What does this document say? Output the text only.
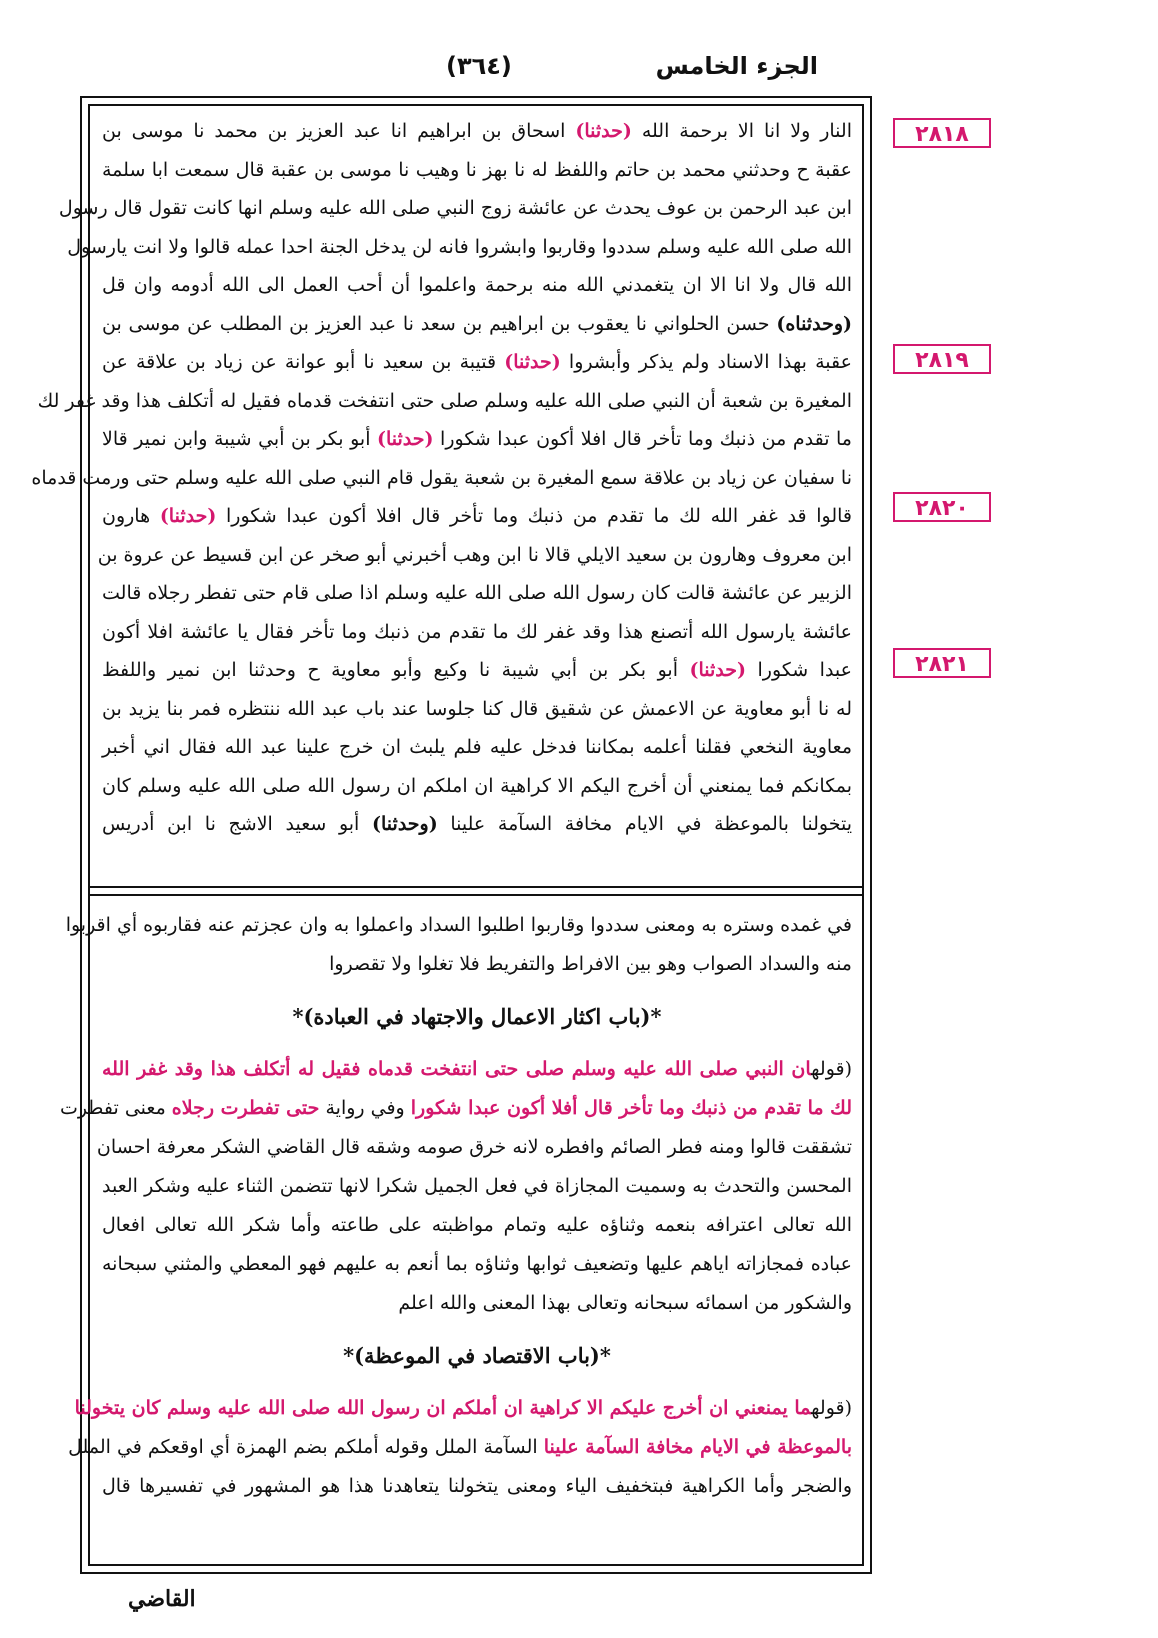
الجزء الخامس
(٣٦٤)
٢٨١٨
٢٨١٩
٢٨٢٠
٢٨٢١
النار ولا انا الا برحمة الله (حدثنا) اسحاق بن ابراهيم انا عبد العزيز بن محمد نا موسى بن
عقبة ح وحدثني محمد بن حاتم واللفظ له نا بهز نا وهيب نا موسى بن عقبة قال سمعت ابا سلمة
ابن عبد الرحمن بن عوف يحدث عن عائشة زوج النبي صلى الله عليه وسلم انها كانت تقول قال رسول
الله صلى الله عليه وسلم سددوا وقاربوا وابشروا فانه لن يدخل الجنة احدا عمله قالوا ولا انت يارسول
الله قال ولا انا الا ان يتغمدني الله منه برحمة واعلموا أن أحب العمل الى الله أدومه وان قل
(وحدثناه) حسن الحلواني نا يعقوب بن ابراهيم بن سعد نا عبد العزيز بن المطلب عن موسى بن
عقبة بهذا الاسناد ولم يذكر وأبشروا (حدثنا) قتيبة بن سعيد نا أبو عوانة عن زياد بن علاقة عن
المغيرة بن شعبة أن النبي صلى الله عليه وسلم صلى حتى انتفخت قدماه فقيل له أتكلف هذا وقد غفر لك
ما تقدم من ذنبك وما تأخر قال افلا أكون عبدا شكورا (حدثنا) أبو بكر بن أبي شيبة وابن نمير قالا
نا سفيان عن زياد بن علاقة سمع المغيرة بن شعبة يقول قام النبي صلى الله عليه وسلم حتى ورمت قدماه
قالوا قد غفر الله لك ما تقدم من ذنبك وما تأخر قال افلا أكون عبدا شكورا (حدثنا) هارون
ابن معروف وهارون بن سعيد الايلي قالا نا ابن وهب أخبرني أبو صخر عن ابن قسيط عن عروة بن
الزبير عن عائشة قالت كان رسول الله صلى الله عليه وسلم اذا صلى قام حتى تفطر رجلاه قالت
عائشة يارسول الله أتصنع هذا وقد غفر لك ما تقدم من ذنبك وما تأخر فقال يا عائشة افلا أكون
عبدا شكورا (حدثنا) أبو بكر بن أبي شيبة نا وكيع وأبو معاوية ح وحدثنا ابن نمير واللفظ
له نا أبو معاوية عن الاعمش عن شقيق قال كنا جلوسا عند باب عبد الله ننتظره فمر بنا يزيد بن
معاوية النخعي فقلنا أعلمه بمكاننا فدخل عليه فلم يلبث ان خرج علينا عبد الله فقال اني أخبر
بمكانكم فما يمنعني أن أخرج اليكم الا كراهية ان املكم ان رسول الله صلى الله عليه وسلم كان
يتخولنا بالموعظة في الايام مخافة السآمة علينا (وحدثنا) أبو سعيد الاشج نا ابن أدريس
في غمده وستره به ومعنى سددوا وقاربوا اطلبوا السداد واعملوا به وان عجزتم عنه فقاربوه أي اقربوا
منه والسداد الصواب وهو بين الافراط والتفريط فلا تغلوا ولا تقصروا
*(باب اكثار الاعمال والاجتهاد في العبادة)*
(قولهان النبي صلى الله عليه وسلم صلى حتى انتفخت قدماه فقيل له أتكلف هذا وقد غفر الله
لك ما تقدم من ذنبك وما تأخر قال أفلا أكون عبدا شكورا وفي رواية حتى تفطرت رجلاه معنى تفطرت
تشققت قالوا ومنه فطر الصائم وافطره لانه خرق صومه وشقه قال القاضي الشكر معرفة احسان
المحسن والتحدث به وسميت المجازاة في فعل الجميل شكرا لانها تتضمن الثناء عليه وشكر العبد
الله تعالى اعترافه بنعمه وثناؤه عليه وتمام مواظبته على طاعته وأما شكر الله تعالى افعال
عباده فمجازاته اياهم عليها وتضعيف ثوابها وثناؤه بما أنعم به عليهم فهو المعطي والمثني سبحانه
والشكور من اسمائه سبحانه وتعالى بهذا المعنى والله اعلم
*(باب الاقتصاد في الموعظة)*
(قولهما يمنعني ان أخرج عليكم الا كراهية ان أملكم ان رسول الله صلى الله عليه وسلم كان يتخولنا
بالموعظة في الايام مخافة السآمة علينا السآمة الملل وقوله أملكم بضم الهمزة أي اوقعكم في الملل
والضجر وأما الكراهية فبتخفيف الياء ومعنى يتخولنا يتعاهدنا هذا هو المشهور في تفسيرها قال
القاضي
